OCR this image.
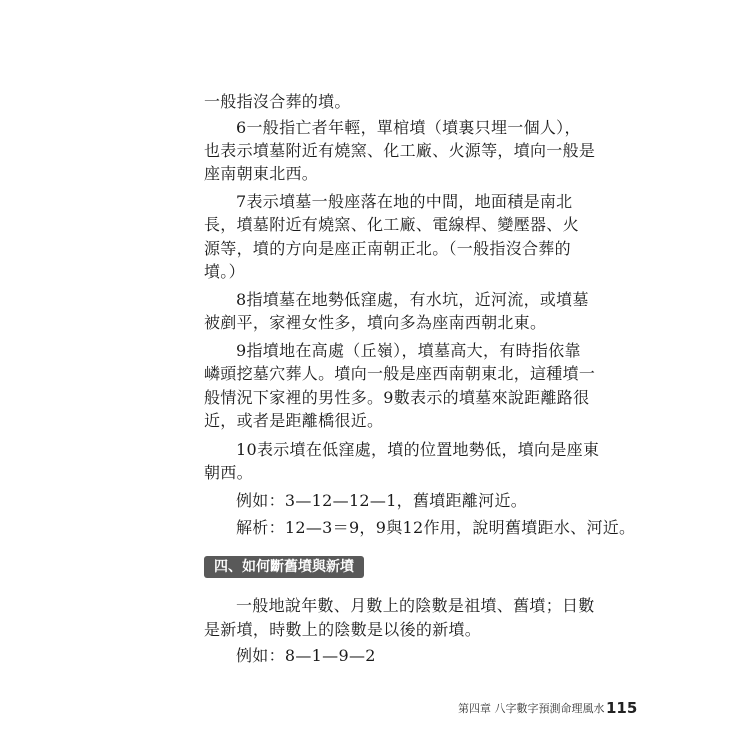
一般指沒合葬的墳。
6一般指亡者年輕，單棺墳（墳裏只埋一個人），
也表示墳墓附近有燒窯、化工廠、火源等，墳向一般是
座南朝東北西。
7表示墳墓一般座落在地的中間，地面積是南北
長，墳墓附近有燒窯、化工廠、電線桿、變壓器、火
源等，墳的方向是座正南朝正北。（一般指沒合葬的
墳。）
8指墳墓在地勢低窪處，有水坑，近河流，或墳墓
被剷平，家裡女性多，墳向多為座南西朝北東。
9指墳地在高處（丘嶺），墳墓高大，有時指依靠
嶙頭挖墓穴葬人。墳向一般是座西南朝東北，這種墳一
般情況下家裡的男性多。9數表示的墳墓來說距離路很
近，或者是距離橋很近。
10表示墳在低窪處，墳的位置地勢低，墳向是座東
朝西。
例如：3—12—12—1，舊墳距離河近。
解析：12—3＝9，9與12作用，說明舊墳距水、河近。
四、如何斷舊墳與新墳
一般地說年數、月數上的陰數是祖墳、舊墳；日數
是新墳，時數上的陰數是以後的新墳。
例如：8—1—9—2
第四章 八字數字預測命理風水 115
